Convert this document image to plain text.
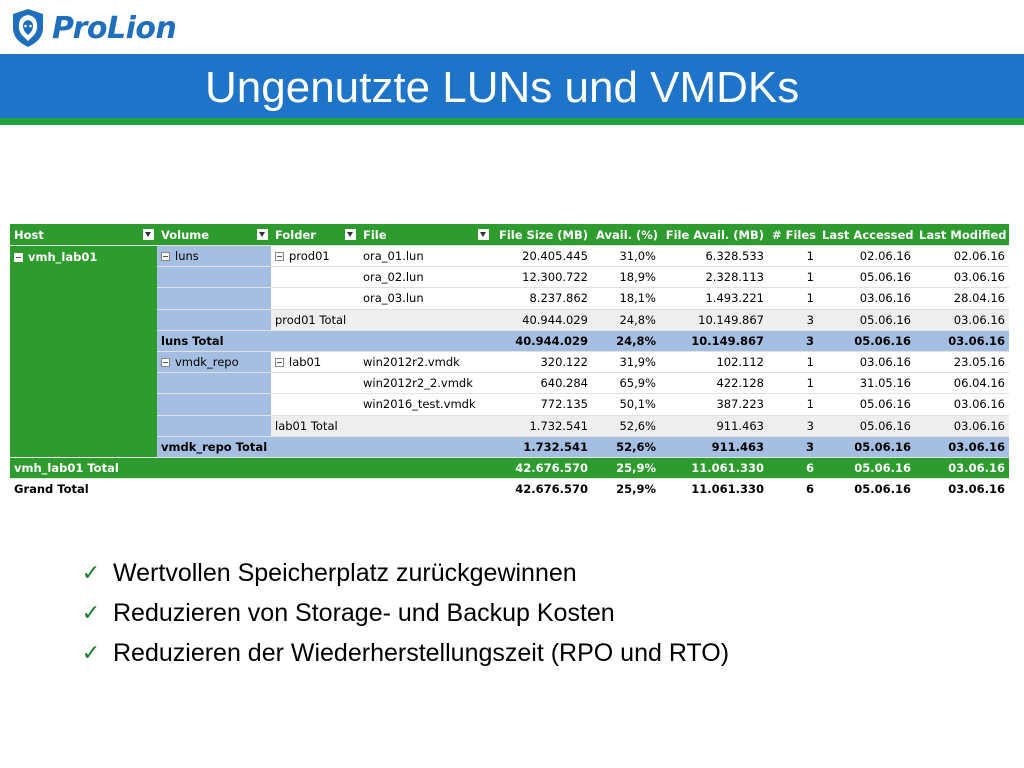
ProLion
Ungenutzte LUNs und VMDKs
Host	Volume	Folder	File	File Size (MB)	Avail. (%)	File Avail. (MB)	# Files	Last Accessed	Last Modified
vmh_lab01	luns	prod01	ora_01.lun	20.405.445	31,0%	6.328.533	1	02.06.16	02.06.16
			ora_02.lun	12.300.722	18,9%	2.328.113	1	05.06.16	03.06.16
			ora_03.lun	8.237.862	18,1%	1.493.221	1	03.06.16	28.04.16
		prod01 Total		40.944.029	24,8%	10.149.867	3	05.06.16	03.06.16
	luns Total			40.944.029	24,8%	10.149.867	3	05.06.16	03.06.16
	vmdk_repo	lab01	win2012r2.vmdk	320.122	31,9%	102.112	1	03.06.16	23.05.16
			win2012r2_2.vmdk	640.284	65,9%	422.128	1	31.05.16	06.04.16
			win2016_test.vmdk	772.135	50,1%	387.223	1	05.06.16	03.06.16
		lab01 Total		1.732.541	52,6%	911.463	3	05.06.16	03.06.16
	vmdk_repo Total			1.732.541	52,6%	911.463	3	05.06.16	03.06.16
vmh_lab01 Total				42.676.570	25,9%	11.061.330	6	05.06.16	03.06.16
Grand Total				42.676.570	25,9%	11.061.330	6	05.06.16	03.06.16
✓ Wertvollen Speicherplatz zurückgewinnen
✓ Reduzieren von Storage- und Backup Kosten
✓ Reduzieren der Wiederherstellungszeit (RPO und RTO)
